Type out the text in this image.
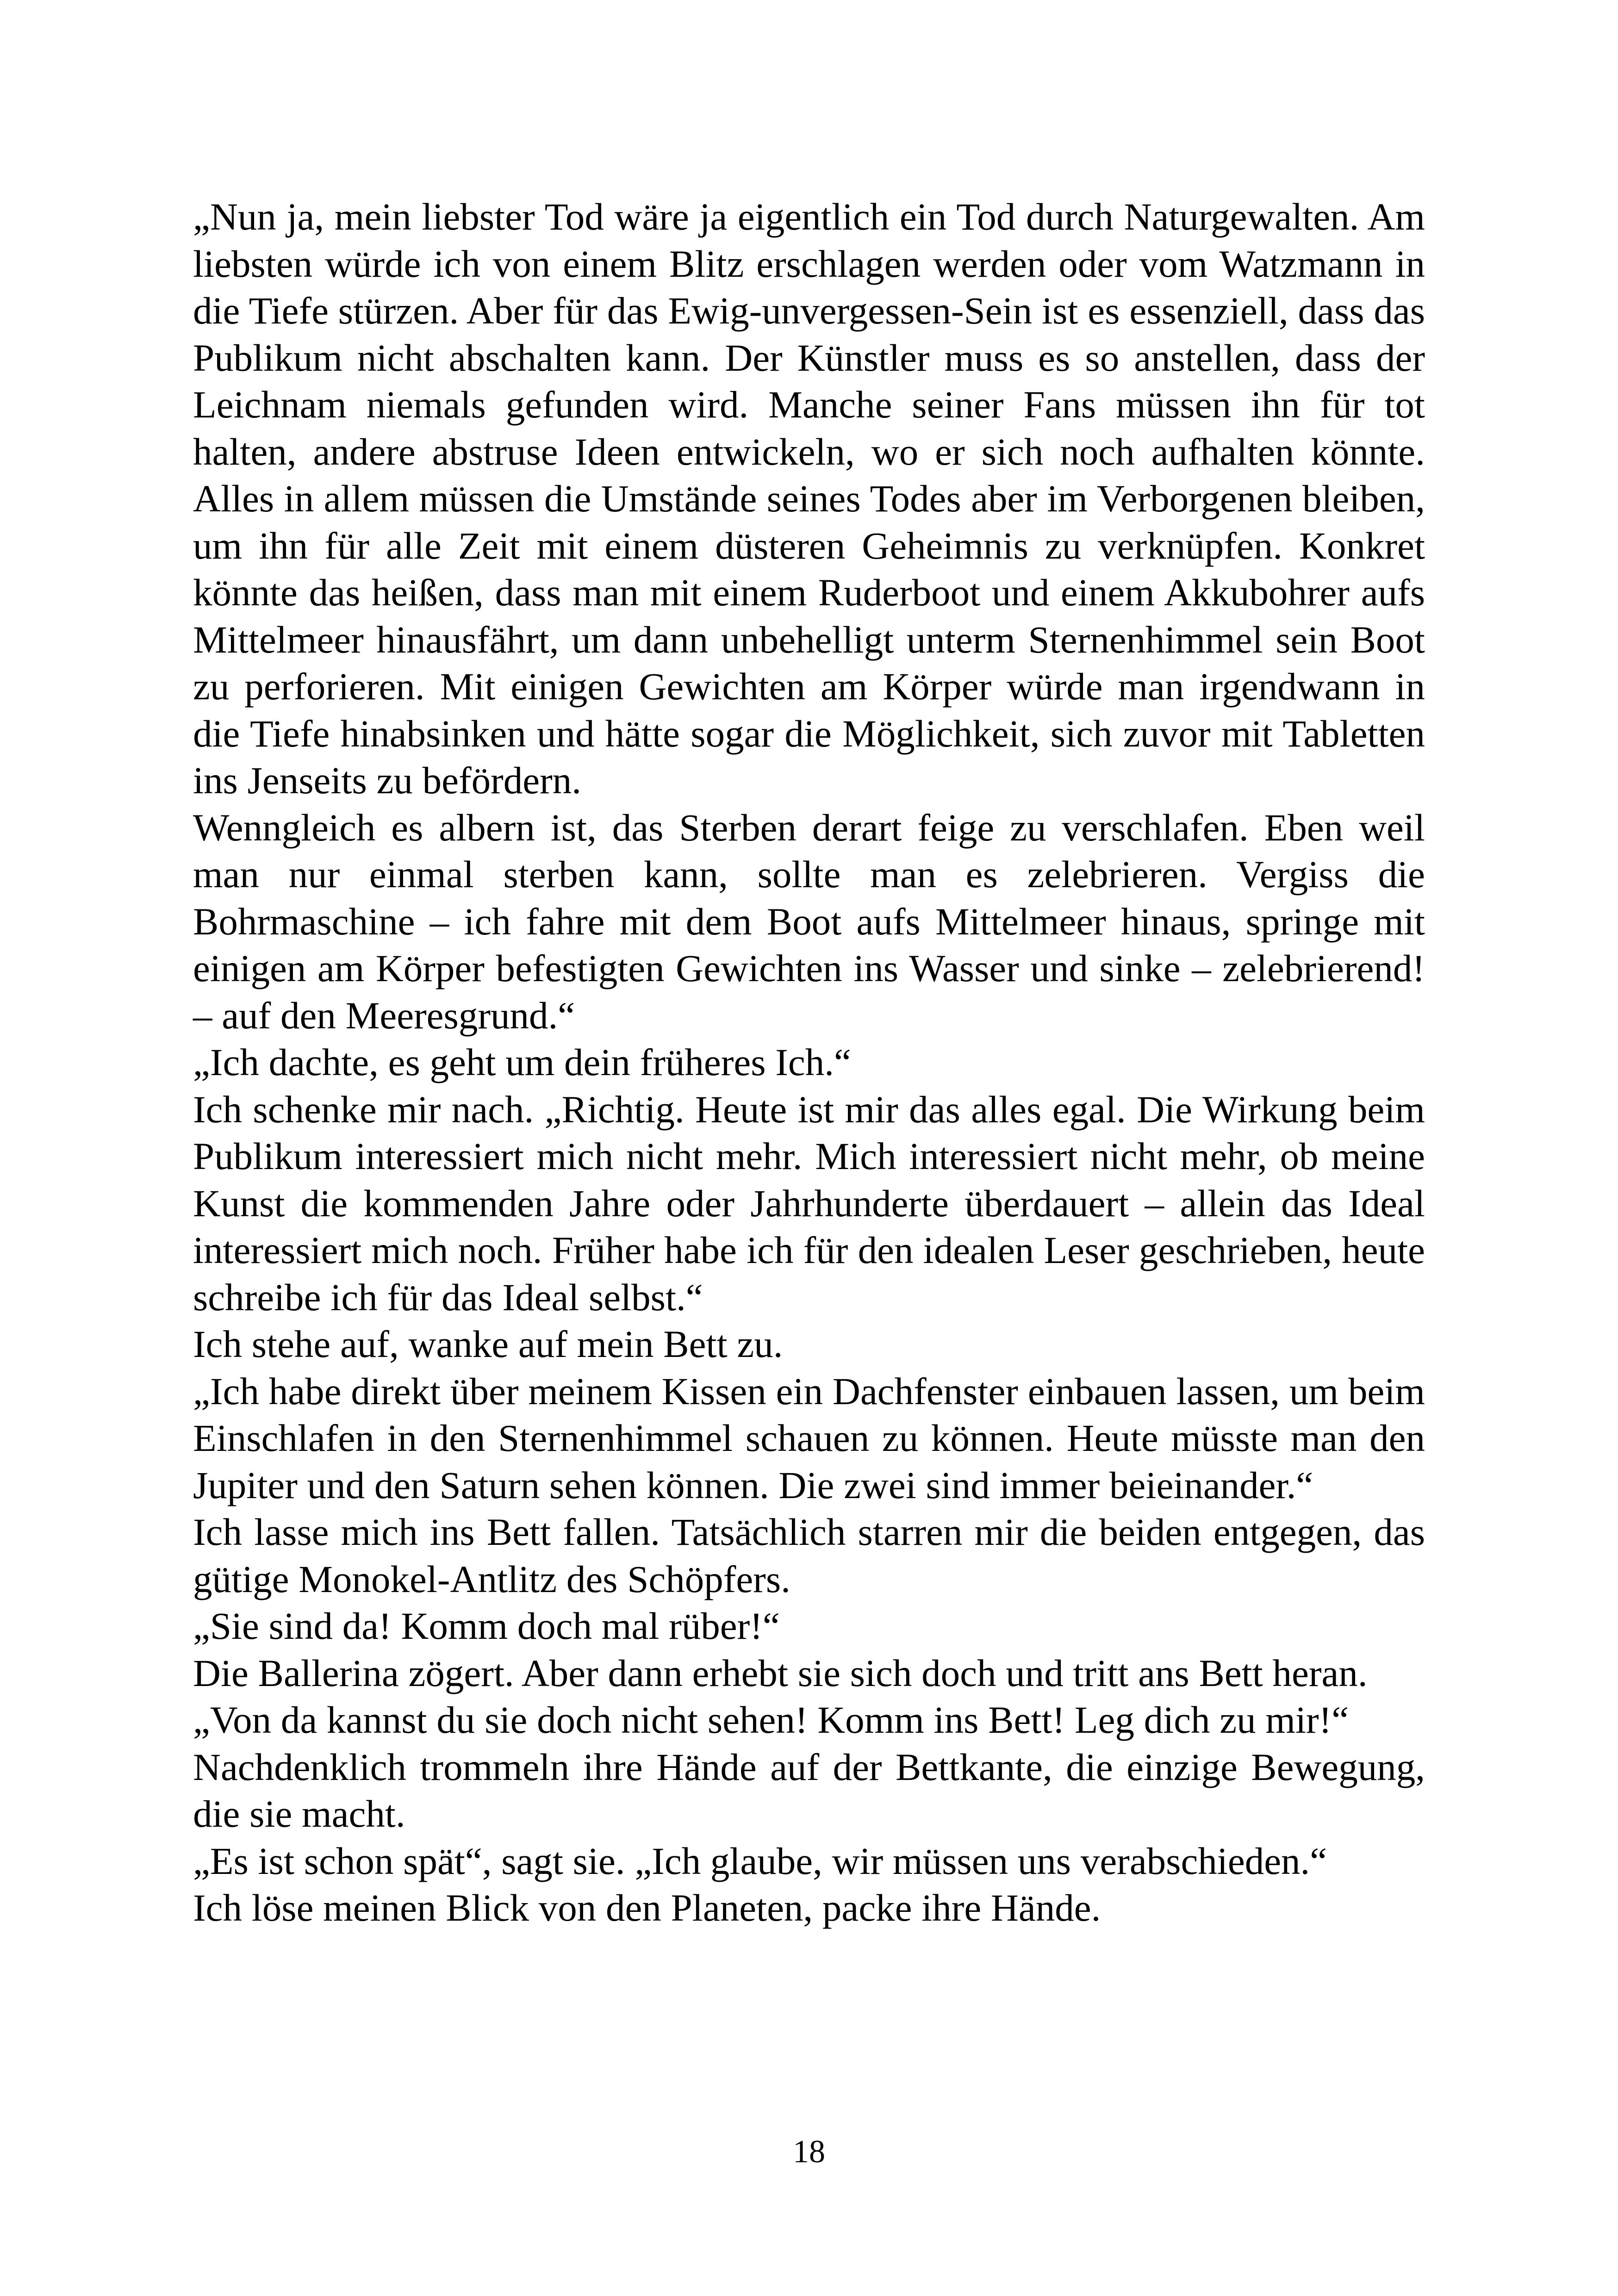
„Nun ja, mein liebster Tod wäre ja eigentlich ein Tod durch Naturgewalten. Am liebsten würde ich von einem Blitz erschlagen werden oder vom Watzmann in die Tiefe stürzen. Aber für das Ewig-unvergessen-Sein ist es essenziell, dass das Publikum nicht abschalten kann. Der Künstler muss es so anstellen, dass der Leichnam niemals gefunden wird. Manche seiner Fans müssen ihn für tot halten, andere abstruse Ideen entwickeln, wo er sich noch aufhalten könnte. Alles in allem müssen die Umstände seines Todes aber im Verborgenen bleiben, um ihn für alle Zeit mit einem düsteren Geheimnis zu verknüpfen. Konkret könnte das heißen, dass man mit einem Ruderboot und einem Akkubohrer aufs Mittelmeer hinausfährt, um dann unbehelligt unterm Sternenhimmel sein Boot zu perforieren. Mit einigen Gewichten am Körper würde man irgendwann in die Tiefe hinabsinken und hätte sogar die Möglichkeit, sich zuvor mit Tabletten ins Jenseits zu befördern.

Wenngleich es albern ist, das Sterben derart feige zu verschlafen. Eben weil man nur einmal sterben kann, sollte man es zelebrieren. Vergiss die Bohrmaschine – ich fahre mit dem Boot aufs Mittelmeer hinaus, springe mit einigen am Körper befestigten Gewichten ins Wasser und sinke – zelebrierend! – auf den Meeresgrund.“

„Ich dachte, es geht um dein früheres Ich.“

Ich schenke mir nach. „Richtig. Heute ist mir das alles egal. Die Wirkung beim Publikum interessiert mich nicht mehr. Mich interessiert nicht mehr, ob meine Kunst die kommenden Jahre oder Jahrhunderte überdauert – allein das Ideal interessiert mich noch. Früher habe ich für den idealen Leser geschrieben, heute schreibe ich für das Ideal selbst.“

Ich stehe auf, wanke auf mein Bett zu.

„Ich habe direkt über meinem Kissen ein Dachfenster einbauen lassen, um beim Einschlafen in den Sternenhimmel schauen zu können. Heute müsste man den Jupiter und den Saturn sehen können. Die zwei sind immer beieinander.“

Ich lasse mich ins Bett fallen. Tatsächlich starren mir die beiden entgegen, das gütige Monokel-Antlitz des Schöpfers.

„Sie sind da! Komm doch mal rüber!“

Die Ballerina zögert. Aber dann erhebt sie sich doch und tritt ans Bett heran.

„Von da kannst du sie doch nicht sehen! Komm ins Bett! Leg dich zu mir!“

Nachdenklich trommeln ihre Hände auf der Bettkante, die einzige Bewegung, die sie macht.

„Es ist schon spät“, sagt sie. „Ich glaube, wir müssen uns verabschieden.“

Ich löse meinen Blick von den Planeten, packe ihre Hände.

18
